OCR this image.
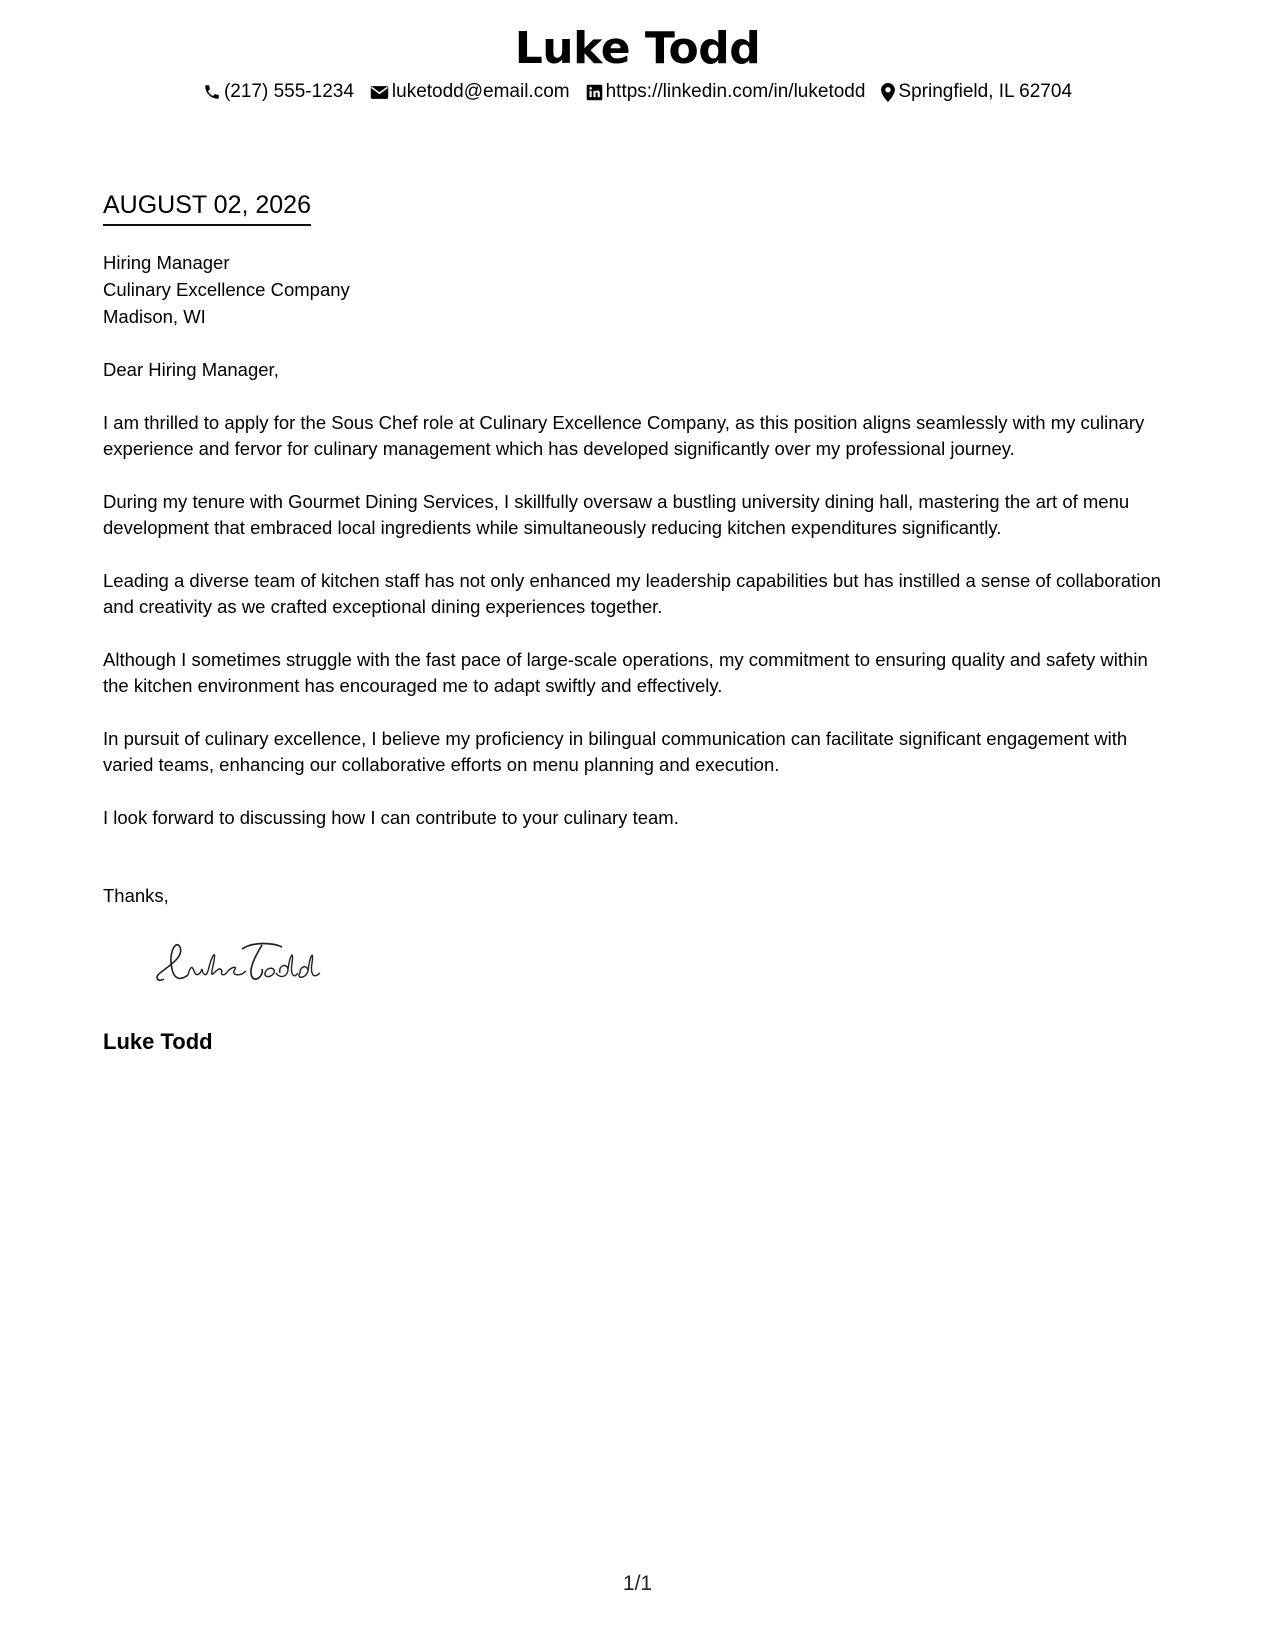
Luke Todd
(217) 555-1234 luketodd@email.com https://linkedin.com/in/luketodd Springfield, IL 62704
AUGUST 02, 2026
Hiring Manager
Culinary Excellence Company
Madison, WI
Dear Hiring Manager,

I am thrilled to apply for the Sous Chef role at Culinary Excellence Company, as this position aligns seamlessly with my culinary experience and fervor for culinary management which has developed significantly over my professional journey.

During my tenure with Gourmet Dining Services, I skillfully oversaw a bustling university dining hall, mastering the art of menu development that embraced local ingredients while simultaneously reducing kitchen expenditures significantly.

Leading a diverse team of kitchen staff has not only enhanced my leadership capabilities but has instilled a sense of collaboration and creativity as we crafted exceptional dining experiences together.

Although I sometimes struggle with the fast pace of large-scale operations, my commitment to ensuring quality and safety within the kitchen environment has encouraged me to adapt swiftly and effectively.

In pursuit of culinary excellence, I believe my proficiency in bilingual communication can facilitate significant engagement with varied teams, enhancing our collaborative efforts on menu planning and execution.

I look forward to discussing how I can contribute to your culinary team.

Thanks,
Luke Todd
1/1
